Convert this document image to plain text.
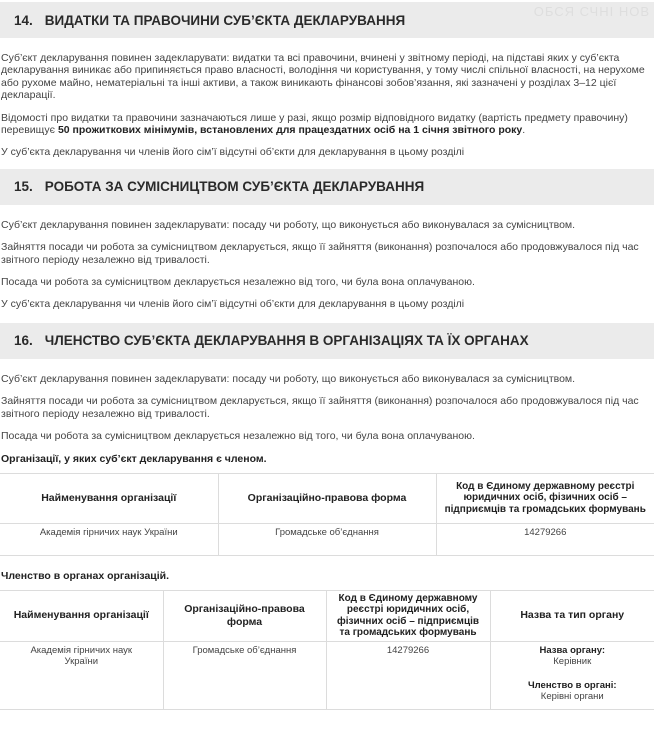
ОБСЯ СЧНІ НОВ
14. ВИДАТКИ ТА ПРАВОЧИНИ СУБ’ЄКТА ДЕКЛАРУВАННЯ

Суб’єкт декларування повинен задекларувати: видатки та всі правочини, вчинені у звітному періоді, на підставі яких у суб’єкта декларування виникає або припиняється право власності, володіння чи користування, у тому числі спільної власності, на нерухоме або рухоме майно, нематеріальні та інші активи, а також виникають фінансові зобов’язання, які зазначені у розділах 3–12 цієї декларації.

Відомості про видатки та правочини зазначаються лише у разі, якщо розмір відповідного видатку (вартість предмету правочину) перевищує 50 прожиткових мінімумів, встановлених для працездатних осіб на 1 січня звітного року.

У суб’єкта декларування чи членів його сім’ї відсутні об’єкти для декларування в цьому розділі

15. РОБОТА ЗА СУМІСНИЦТВОМ СУБ’ЄКТА ДЕКЛАРУВАННЯ

Суб’єкт декларування повинен задекларувати: посаду чи роботу, що виконується або виконувалася за сумісництвом.

Зайняття посади чи робота за сумісництвом декларується, якщо її зайняття (виконання) розпочалося або продовжувалося під час звітного періоду незалежно від тривалості.

Посада чи робота за сумісництвом декларується незалежно від того, чи була вона оплачуваною.

У суб’єкта декларування чи членів його сім’ї відсутні об’єкти для декларування в цьому розділі

16. ЧЛЕНСТВО СУБ’ЄКТА ДЕКЛАРУВАННЯ В ОРГАНІЗАЦІЯХ ТА ЇХ ОРГАНАХ

Суб’єкт декларування повинен задекларувати: посаду чи роботу, що виконується або виконувалася за сумісництвом.

Зайняття посади чи робота за сумісництвом декларується, якщо її зайняття (виконання) розпочалося або продовжувалося під час звітного періоду незалежно від тривалості.

Посада чи робота за сумісництвом декларується незалежно від того, чи була вона оплачуваною.

Організації, у яких суб’єкт декларування є членом.
Найменування організації	Організаційно-правова форма	Код в Єдиному державному реєстрі юридичних осіб, фізичних осіб – підприємців та громадських формувань
Академія гірничих наук України	Громадське об’єднання	14279266
Членство в органах організацій.
Найменування організації	Організаційно-правова форма	Код в Єдиному державному реєстрі юридичних осіб, фізичних осіб – підприємців та громадських формувань	Назва та тип органу
Академія гірничих наук України	Громадське об’єднання	14279266	Назва органу:
Керівник
Членство в органі:
Керівні органи
